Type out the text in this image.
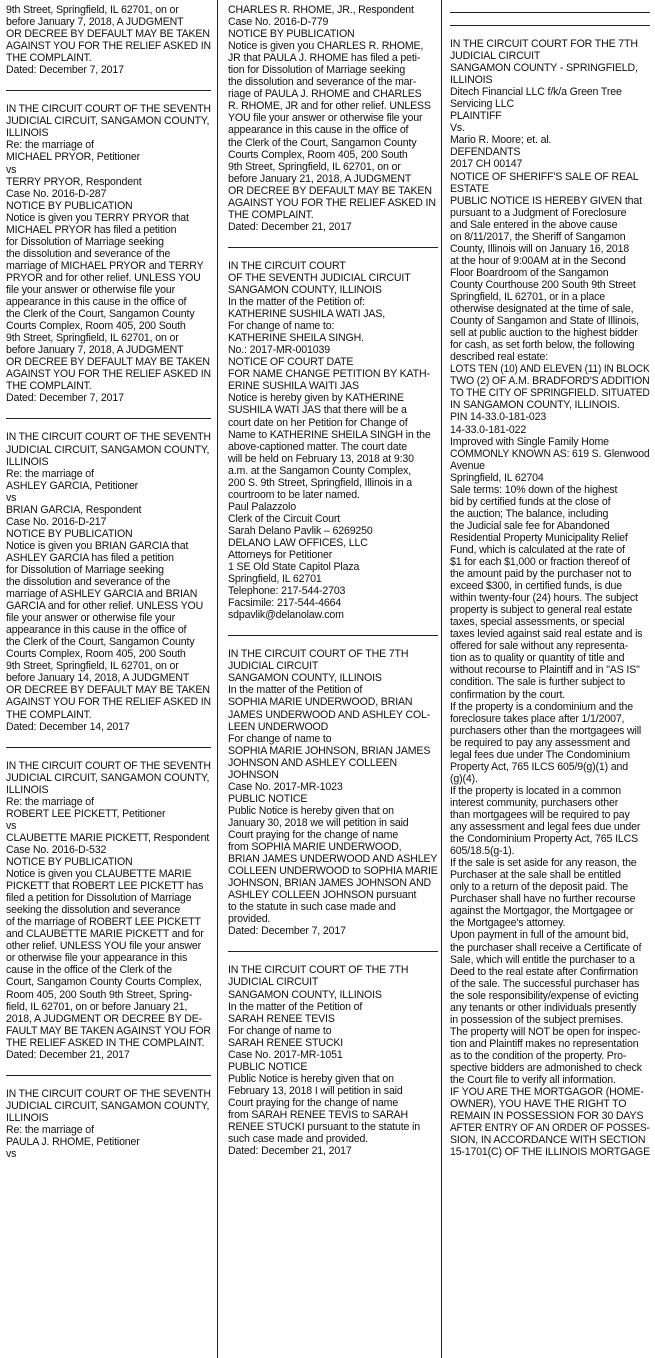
9th Street, Springfield, IL 62701, on or
before January 7, 2018, A JUDGMENT
OR DECREE BY DEFAULT MAY BE TAKEN
AGAINST YOU FOR THE RELIEF ASKED IN
THE COMPLAINT.
Dated: December 7, 2017
IN THE CIRCUIT COURT OF THE SEVENTH
JUDICIAL CIRCUIT, SANGAMON COUNTY,
ILLINOIS
Re: the marriage of
MICHAEL PRYOR, Petitioner
vs
TERRY PRYOR, Respondent
Case No. 2016-D-287
NOTICE BY PUBLICATION
Notice is given you TERRY PRYOR that
MICHAEL PRYOR has filed a petition
for Dissolution of Marriage seeking
the dissolution and severance of the
marriage of MICHAEL PRYOR and TERRY
PRYOR and for other relief. UNLESS YOU
file your answer or otherwise file your
appearance in this cause in the office of
the Clerk of the Court, Sangamon County
Courts Complex, Room 405, 200 South
9th Street, Springfield, IL 62701, on or
before January 7, 2018, A JUDGMENT
OR DECREE BY DEFAULT MAY BE TAKEN
AGAINST YOU FOR THE RELIEF ASKED IN
THE COMPLAINT.
Dated: December 7, 2017
IN THE CIRCUIT COURT OF THE SEVENTH
JUDICIAL CIRCUIT, SANGAMON COUNTY,
ILLINOIS
Re: the marriage of
ASHLEY GARCIA, Petitioner
vs
BRIAN GARCIA, Respondent
Case No. 2016-D-217
NOTICE BY PUBLICATION
Notice is given you BRIAN GARCIA that
ASHLEY GARCIA has filed a petition
for Dissolution of Marriage seeking
the dissolution and severance of the
marriage of ASHLEY GARCIA and BRIAN
GARCIA and for other relief. UNLESS YOU
file your answer or otherwise file your
appearance in this cause in the office of
the Clerk of the Court, Sangamon County
Courts Complex, Room 405, 200 South
9th Street, Springfield, IL 62701, on or
before January 14, 2018, A JUDGMENT
OR DECREE BY DEFAULT MAY BE TAKEN
AGAINST YOU FOR THE RELIEF ASKED IN
THE COMPLAINT.
Dated: December 14, 2017
IN THE CIRCUIT COURT OF THE SEVENTH
JUDICIAL CIRCUIT, SANGAMON COUNTY,
ILLINOIS
Re: the marriage of
ROBERT LEE PICKETT, Petitioner
vs
CLAUBETTE MARIE PICKETT, Respondent
Case No. 2016-D-532
NOTICE BY PUBLICATION
Notice is given you CLAUBETTE MARIE
PICKETT that ROBERT LEE PICKETT has
filed a petition for Dissolution of Marriage
seeking the dissolution and severance
of the marriage of ROBERT LEE PICKETT
and CLAUBETTE MARIE PICKETT and for
other relief. UNLESS YOU file your answer
or otherwise file your appearance in this
cause in the office of the Clerk of the
Court, Sangamon County Courts Complex,
Room 405, 200 South 9th Street, Spring-
field, IL 62701, on or before January 21,
2018, A JUDGMENT OR DECREE BY DE-
FAULT MAY BE TAKEN AGAINST YOU FOR
THE RELIEF ASKED IN THE COMPLAINT.
Dated: December 21, 2017
IN THE CIRCUIT COURT OF THE SEVENTH
JUDICIAL CIRCUIT, SANGAMON COUNTY,
ILLINOIS
Re: the marriage of
PAULA J. RHOME, Petitioner
vs
CHARLES R. RHOME, JR., Respondent
Case No. 2016-D-779
NOTICE BY PUBLICATION
Notice is given you CHARLES R. RHOME,
JR that PAULA J. RHOME has filed a peti-
tion for Dissolution of Marriage seeking
the dissolution and severance of the mar-
riage of PAULA J. RHOME and CHARLES
R. RHOME, JR and for other relief. UNLESS
YOU file your answer or otherwise file your
appearance in this cause in the office of
the Clerk of the Court, Sangamon County
Courts Complex, Room 405, 200 South
9th Street, Springfield, IL 62701, on or
before January 21, 2018, A JUDGMENT
OR DECREE BY DEFAULT MAY BE TAKEN
AGAINST YOU FOR THE RELIEF ASKED IN
THE COMPLAINT.
Dated: December 21, 2017
IN THE CIRCUIT COURT
OF THE SEVENTH JUDICIAL CIRCUIT
SANGAMON COUNTY, ILLINOIS
In the matter of the Petition of:
KATHERINE SUSHILA WATI JAS,
For change of name to:
KATHERINE SHEILA SINGH.
No.: 2017-MR-001039
NOTICE OF COURT DATE
FOR NAME CHANGE PETITION BY KATH-
ERINE SUSHILA WAITI JAS
Notice is hereby given by KATHERINE
SUSHILA WATI JAS that there will be a
court date on her Petition for Change of
Name to KATHERINE SHEILA SINGH in the
above-captioned matter. The court date
will be held on February 13, 2018 at 9:30
a.m. at the Sangamon County Complex,
200 S. 9th Street, Springfield, Illinois in a
courtroom to be later named.
Paul Palazzolo
Clerk of the Circuit Court
Sarah Delano Pavlik – 6269250
DELANO LAW OFFICES, LLC
Attorneys for Petitioner
1 SE Old State Capitol Plaza
Springfield, IL 62701
Telephone: 217-544-2703
Facsimile: 217-544-4664
sdpavlik@delanolaw.com
IN THE CIRCUIT COURT OF THE 7TH
JUDICIAL CIRCUIT
SANGAMON COUNTY, ILLINOIS
In the matter of the Petition of
SOPHIA MARIE UNDERWOOD, BRIAN
JAMES UNDERWOOD AND ASHLEY COL-
LEEN UNDERWOOD
For change of name to
SOPHIA MARIE JOHNSON, BRIAN JAMES
JOHNSON AND ASHLEY COLLEEN
JOHNSON
Case No. 2017-MR-1023
PUBLIC NOTICE
Public Notice is hereby given that on
January 30, 2018 we will petition in said
Court praying for the change of name
from SOPHIA MARIE UNDERWOOD,
BRIAN JAMES UNDERWOOD AND ASHLEY
COLLEEN UNDERWOOD to SOPHIA MARIE
JOHNSON, BRIAN JAMES JOHNSON AND
ASHLEY COLLEEN JOHNSON pursuant
to the statute in such case made and
provided.
Dated: December 7, 2017
IN THE CIRCUIT COURT OF THE 7TH
JUDICIAL CIRCUIT
SANGAMON COUNTY, ILLINOIS
In the matter of the Petition of
SARAH RENEE TEVIS
For change of name to
SARAH RENEE STUCKI
Case No. 2017-MR-1051
PUBLIC NOTICE
Public Notice is hereby given that on
February 13, 2018 I will petition in said
Court praying for the change of name
from SARAH RENEE TEVIS to SARAH
RENEE STUCKI pursuant to the statute in
such case made and provided.
Dated: December 21, 2017
IN THE CIRCUIT COURT FOR THE 7TH
JUDICIAL CIRCUIT
SANGAMON COUNTY - SPRINGFIELD,
ILLINOIS
Ditech Financial LLC f/k/a Green Tree
Servicing LLC
PLAINTIFF
Vs.
Mario R. Moore; et. al.
DEFENDANTS
2017 CH 00147
NOTICE OF SHERIFF'S SALE OF REAL
ESTATE
PUBLIC NOTICE IS HEREBY GIVEN that
pursuant to a Judgment of Foreclosure
and Sale entered in the above cause
on 8/11/2017, the Sheriff of Sangamon
County, Illinois will on January 16, 2018
at the hour of 9:00AM at in the Second
Floor Boardroom of the Sangamon
County Courthouse 200 South 9th Street
Springfield, IL 62701, or in a place
otherwise designated at the time of sale,
County of Sangamon and State of Illinois,
sell at public auction to the highest bidder
for cash, as set forth below, the following
described real estate:
LOTS TEN (10) AND ELEVEN (11) IN BLOCK
TWO (2) OF A.M. BRADFORD'S ADDITION
TO THE CITY OF SPRINGFIELD. SITUATED
IN SANGAMON COUNTY, ILLINOIS.
PIN 14-33.0-181-023
14-33.0-181-022
Improved with Single Family Home
COMMONLY KNOWN AS: 619 S. Glenwood
Avenue
Springfield, IL 62704
Sale terms: 10% down of the highest
bid by certified funds at the close of
the auction; The balance, including
the Judicial sale fee for Abandoned
Residential Property Municipality Relief
Fund, which is calculated at the rate of
$1 for each $1,000 or fraction thereof of
the amount paid by the purchaser not to
exceed $300, in certified funds, is due
within twenty-four (24) hours. The subject
property is subject to general real estate
taxes, special assessments, or special
taxes levied against said real estate and is
offered for sale without any representa-
tion as to quality or quantity of title and
without recourse to Plaintiff and in "AS IS"
condition. The sale is further subject to
confirmation by the court.
If the property is a condominium and the
foreclosure takes place after 1/1/2007,
purchasers other than the mortgagees will
be required to pay any assessment and
legal fees due under The Condominium
Property Act, 765 ILCS 605/9(g)(1) and
(g)(4).
If the property is located in a common
interest community, purchasers other
than mortgagees will be required to pay
any assessment and legal fees due under
the Condominium Property Act, 765 ILCS
605/18.5(g-1).
If the sale is set aside for any reason, the
Purchaser at the sale shall be entitled
only to a return of the deposit paid. The
Purchaser shall have no further recourse
against the Mortgagor, the Mortgagee or
the Mortgagee's attorney.
Upon payment in full of the amount bid,
the purchaser shall receive a Certificate of
Sale, which will entitle the purchaser to a
Deed to the real estate after Confirmation
of the sale. The successful purchaser has
the sole responsibility/expense of evicting
any tenants or other individuals presently
in possession of the subject premises.
The property will NOT be open for inspec-
tion and Plaintiff makes no representation
as to the condition of the property. Pro-
spective bidders are admonished to check
the Court file to verify all information.
IF YOU ARE THE MORTGAGOR (HOME-
OWNER), YOU HAVE THE RIGHT TO
REMAIN IN POSSESSION FOR 30 DAYS
AFTER ENTRY OF AN ORDER OF POSSES-
SION, IN ACCORDANCE WITH SECTION
15-1701(C) OF THE ILLINOIS MORTGAGE
